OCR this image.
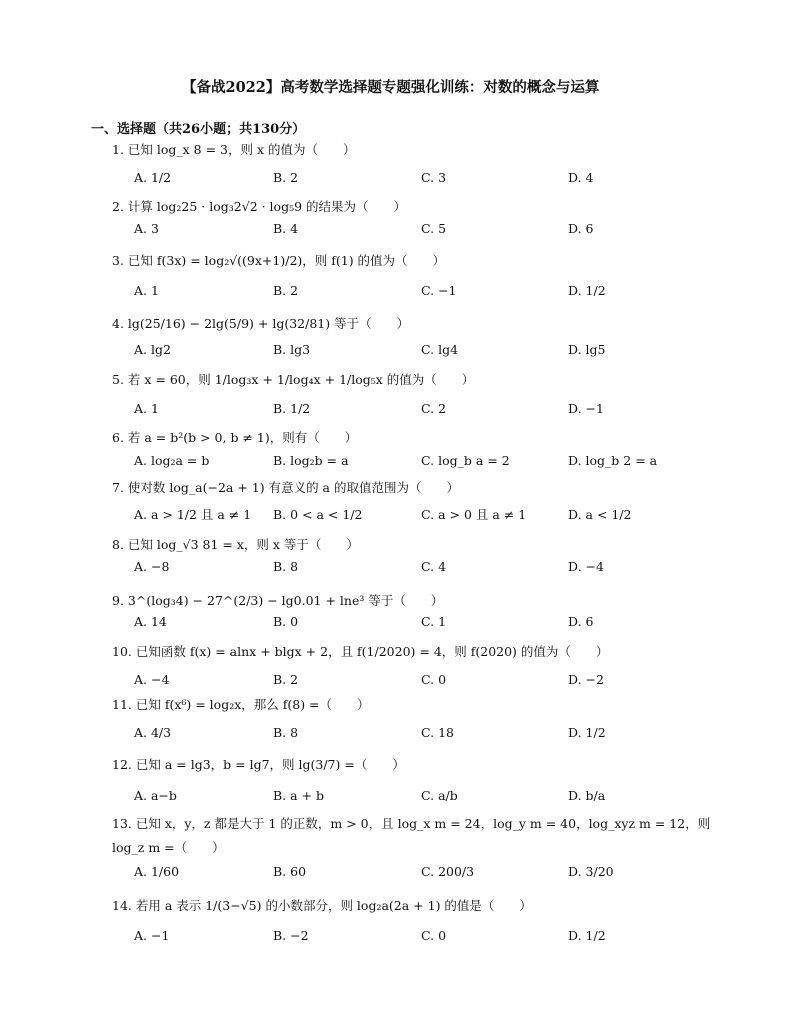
【备战2022】高考数学选择题专题强化训练：对数的概念与运算
一、选择题（共26小题；共130分）
1. 已知 log_x 8 = 3，则 x 的值为（　　）
A. 1/2	B. 2	C. 3	D. 4
2. 计算 log₂25 · log₃2√2 · log₅9 的结果为（　　）
A. 3	B. 4	C. 5	D. 6
3. 已知 f(3x) = log₂√((9x+1)/2)，则 f(1) 的值为（　　）
A. 1	B. 2	C. −1	D. 1/2
4. lg(25/16) − 2lg(5/9) + lg(32/81) 等于（　　）
A. lg2	B. lg3	C. lg4	D. lg5
5. 若 x = 60，则 1/log₃x + 1/log₄x + 1/log₅x 的值为（　　）
A. 1	B. 1/2	C. 2	D. −1
6. 若 a = b²(b > 0, b ≠ 1)，则有（　　）
A. log₂a = b	B. log₂b = a	C. log_b a = 2	D. log_b 2 = a
7. 使对数 log_a(−2a + 1) 有意义的 a 的取值范围为（　　）
A. a > 1/2 且 a ≠ 1 B. 0 < a < 1/2	C. a > 0 且 a ≠ 1	D. a < 1/2
8. 已知 log_√3 81 = x，则 x 等于（　　）
A. −8	B. 8	C. 4	D. −4
9. 3^(log₃4) − 27^(2/3) − lg0.01 + lne³ 等于（　　）
A. 14	B. 0	C. 1	D. 6
10. 已知函数 f(x) = alnx + blgx + 2，且 f(1/2020) = 4，则 f(2020) 的值为（　　）
A. −4	B. 2	C. 0	D. −2
11. 已知 f(x⁶) = log₂x，那么 f(8) =（　　）
A. 4/3	B. 8	C. 18	D. 1/2
12. 已知 a = lg3，b = lg7，则 lg(3/7) =（　　）
A. a−b	B. a + b	C. a/b	D. b/a
13. 已知 x，y，z 都是大于 1 的正数，m > 0，且 log_x m = 24，log_y m = 40，log_xyz m = 12，则 log_z m =（　　）
A. 1/60	B. 60	C. 200/3	D. 3/20
14. 若用 a 表示 1/(3−√5) 的小数部分，则 log₂a(2a + 1) 的值是（　　）
A. −1	B. −2	C. 0	D. 1/2
